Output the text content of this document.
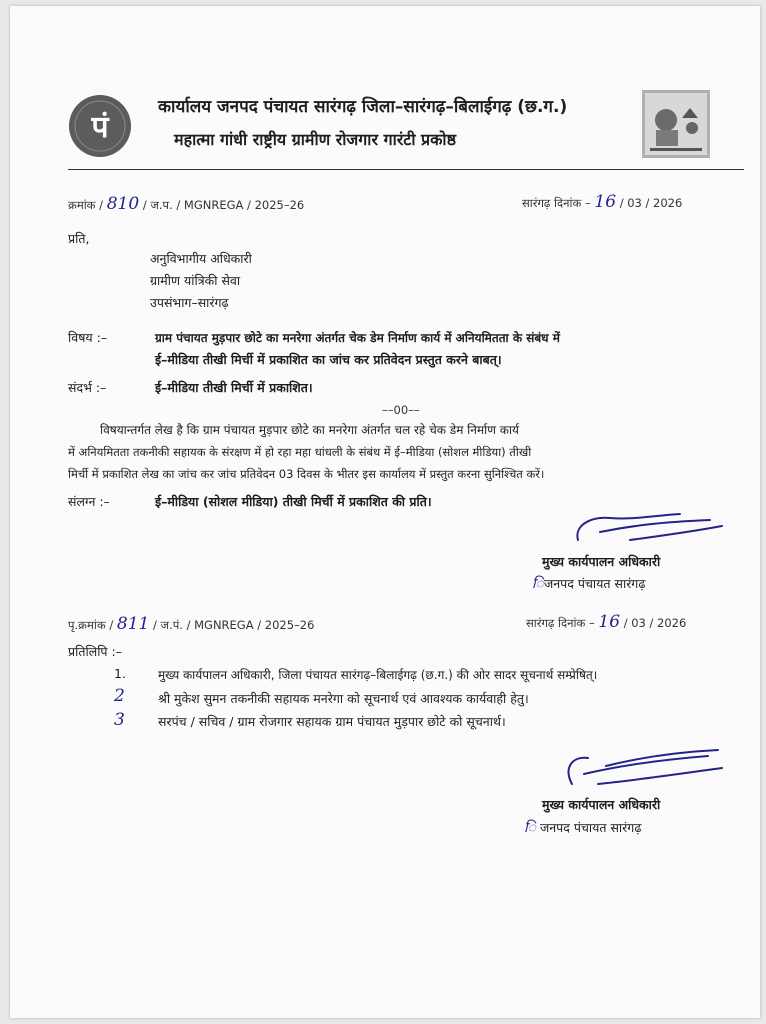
पं
कार्यालय जनपद पंचायत सारंगढ़ जिला–सारंगढ़–बिलाईगढ़ (छ.ग.)
महात्मा गांधी राष्ट्रीय ग्रामीण रोजगार गारंटी प्रकोष्ठ
क्रमांक / 810 / ज.प. / MGNREGA / 2025–26	सारंगढ़ दिनांक – 16 / 03 / 2026
प्रति,
अनुविभागीय अधिकारी
ग्रामीण यांत्रिकी सेवा
उपसंभाग–सारंगढ़
विषय :–	ग्राम पंचायत मुड़पार छोटे का मनरेगा अंतर्गत चेक डेम निर्माण कार्य में अनियमितता के संबंध में
ई–मीडिया तीखी मिर्ची में प्रकाशित का जांच कर प्रतिवेदन प्रस्तुत करने बाबत्।
संदर्भ :–	ई–मीडिया तीखी मिर्ची में प्रकाशित।
––00––
विषयान्तर्गत लेख है कि ग्राम पंचायत मुड़पार छोटे का मनरेगा अंतर्गत चल रहे चेक डेम निर्माण कार्य
में अनियमितता तकनीकी सहायक के संरक्षण में हो रहा महा धांधली के संबंध में ई–मीडिया (सोशल मीडिया) तीखी
मिर्ची में प्रकाशित लेख का जांच कर जांच प्रतिवेदन 03 दिवस के भीतर इस कार्यालय में प्रस्तुत करना सुनिश्चित करें।
संलग्न :–	ई–मीडिया (सोशल मीडिया) तीखी मिर्ची में प्रकाशित की प्रति।
मुख्य कार्यपालन अधिकारी
िजनपद पंचायत सारंगढ़
पृ.क्रमांक / 811 / ज.पं. / MGNREGA / 2025–26	सारंगढ़ दिनांक – 16 / 03 / 2026
प्रतिलिपि :–
1.	मुख्य कार्यपालन अधिकारी, जिला पंचायत सारंगढ़–बिलाईगढ़ (छ.ग.) की ओर सादर सूचनार्थ सम्प्रेषित्।
2	श्री मुकेश सुमन तकनीकी सहायक मनरेगा को सूचनार्थ एवं आवश्यक कार्यवाही हेतु।
3	सरपंच / सचिव / ग्राम रोजगार सहायक ग्राम पंचायत मुड़पार छोटे को सूचनार्थ।
मुख्य कार्यपालन अधिकारी
ि जनपद पंचायत सारंगढ़
